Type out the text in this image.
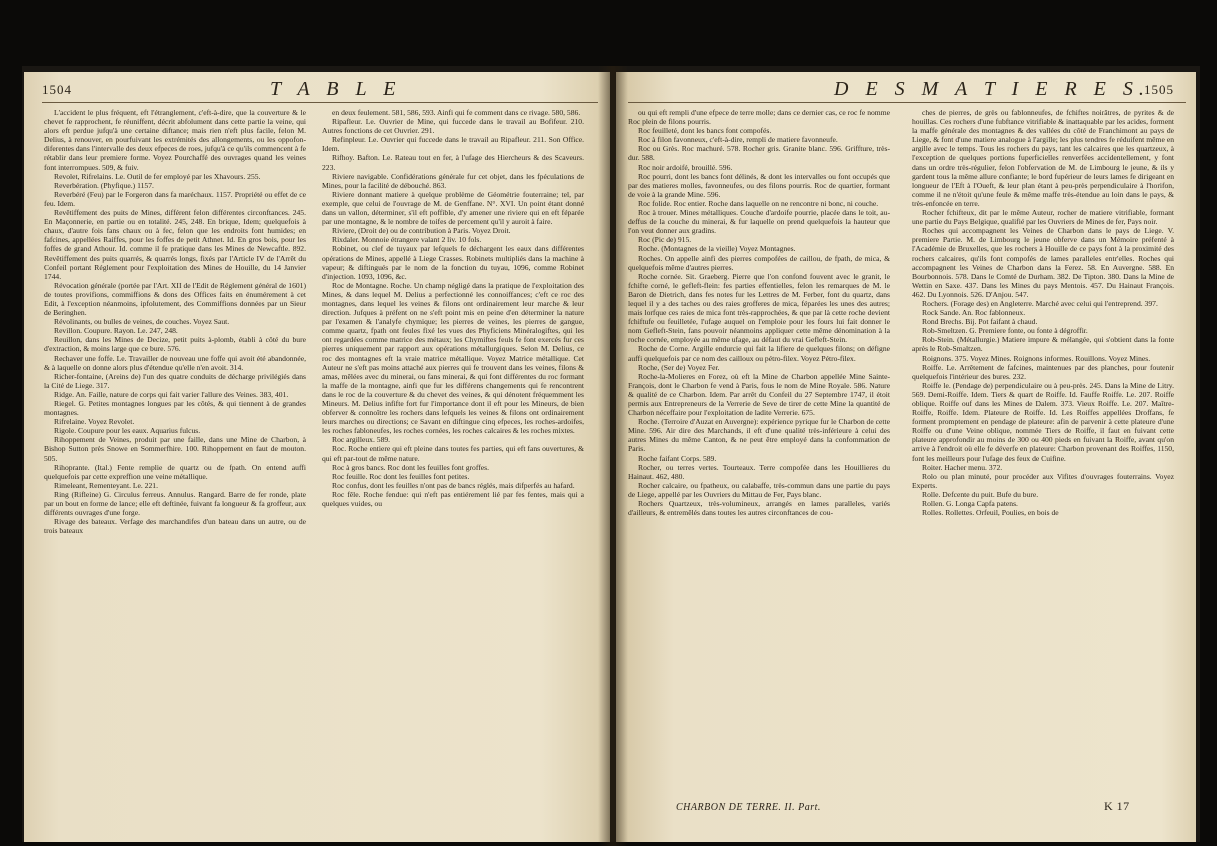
1504	T A B L E

L'accident le plus fréquent, eft l'étranglement, c'eft-à-dire, que la couverture & le chevet fe rapprochent, fe réuniffent, décrit abfolument dans cette partie la veine, qui alors eft perdue jufqu'à une certaine diftance; mais rien n'eft plus facile, felon M. Delius, à renouver, en pourfuivant les extrémités des allongements, ou les oppofon-diferentes dans l'intervalle des deux efpeces de roes, jufqu'à ce qu'ils commencent à fe rétablir dans leur premiere forme. Voyez Pourchaffé des ouvrages quand les veines font interrompues. 509, & fuiv.

Revolet, Rifrelains. Le. Outil de fer employé par les Xhavours. 255.

Reverbération. (Phyfique.) 1157.

Reverbéré (Feu) par le Forgeron dans fa maréchaux. 1157. Propriété ou effet de ce feu. Idem.

Revêtiffement des puits de Mines, différent felon différentes circonftances. 245. En Maçonnerie, en partie ou en totalité. 245, 248. En brique, Idem; quelquefois à chaux, d'autre fois fans chaux ou à fec, felon que les endroits font humides; en fafcines, appellées Raiffes, pour les foffes de petit Athnet. Id. En gros bois, pour les foffes de grand Athour. Id. comme il fe pratique dans les Mines de Newcaftle. 892. Revêtiffement des puits quarrés, & quarrés longs, fixés par l'Article IV de l'Arrêt du Confeil portant Réglement pour l'exploitation des Mines de Houille, du 14 Janvier 1744.

Révocation générale (portée par l'Art. XII de l'Edit de Réglement général de 1601) de toutes provifions, commiffions & dons des Offices faits en énumérement à cet Edit, à l'exception néanmoins, ipfolutement, des Commiffions données par un Sieur de Beringhen.

Révolinants, ou bulles de veines, de couches. Voyez Saut.

Revillon. Coupure. Rayon. Le. 247, 248.

Reuillon, dans les Mines de Decize, petit puits à-plomb, établi à côté du bure d'extraction, & moins large que ce bure. 576.

Rechaver une foffe. Le. Travailler de nouveau une foffe qui avoit été abandonnée, & à laquelle on donne alors plus d'étendue qu'elle n'en avoit. 314.

Richer-fontaine, (Areins de) l'un des quatre conduits de décharge privilégiés dans la Cité de Liege. 317.

Ridge. An. Faille, nature de corps qui fait varier l'allure des Veines. 383, 401.

Riegel. G. Petites montagnes longues par les côtés, & qui tiennent à de grandes montagnes.

Rifrelaine. Voyez Revolet.

Rigole. Coupure pour les eaux. Aquarius fulcus.

Rihoppement de Veines, produit par une faille, dans une Mine de Charbon, à Bishop Sutton près Snowe en Sommerfhire. 100. Rihoppement en faut de mouton. 505.

Rihoprante. (Ital.) Fente remplie de quartz ou de fpath. On entend auffi quelquefois par cette expreffion une veine métallique.

Rimeleant, Rementeyant. Le. 221.

Ring (Rifleine) G. Circulus ferreus. Annulus. Rangard. Barre de fer ronde, plate par un bout en forme de lance; elle eft deftinée, fuivant fa longueur & fa groffeur, aux différents ouvrages d'une forge.

Rivage des bateaux. Verfage des marchandifes d'un bateau dans un autre, ou de trois bateaux

en deux feulement. 581, 586, 593. Ainfi qui fe comment dans ce rivage. 580, 586.

Ripafleur. Le. Ouvrier de Mine, qui fuccede dans le travail au Bofifeur. 210. Autres fonctions de cet Ouvrier. 291.

Refinpleur. Le. Ouvrier qui fuccede dans le travail au Ripafleur. 211. Son Office. Idem.

Rifhoy. Bafton. Le. Rateau tout en fer, à l'ufage des Hiercheurs & des Scaveurs. 223.

Riviere navigable. Confidérations générale fur cet objet, dans les fpéculations de Mines, pour la facilité de débouché. 863.

Riviere donnant matiere à quelque problème de Géométrie fouterraine; tel, par exemple, que celui de l'ouvrage de M. de Genffane. N°. XVI. Un point étant donné dans un vallon, déterminer, s'il eft poffible, d'y amener une riviere qui en eft féparée par une montagne, & le nombre de toifes de percement qu'il y auroit à faire.

Riviere, (Droit de) ou de contribution à Paris. Voyez Droit.

Rixdaler. Monnoie étrangere valant 2 liv. 10 fols.

Robinet, ou clef de tuyaux par lefquels fe déchargent les eaux dans différentes opérations de Mines, appellé à Liege Crasses. Robinets multipliés dans la machine à vapeur; & diftingués par le nom de la fonction du tuyau, 1096, comme Robinet d'injection. 1093, 1096, &c.

Roc de Montagne. Roche. Un champ négligé dans la pratique de l'exploitation des Mines, & dans lequel M. Delius a perfectionné les connoiffances; c'eft ce roc des montagnes, dans lequel les veines & filons ont ordinairement leur marche & leur direction. Jufques à préfent on ne s'eft point mis en peine d'en déterminer la nature par l'examen & l'analyfe chymique; les pierres de veines, les pierres de gangue, comme quartz, fpath ont feules fixé les vues des Phyficiens Minéralogiftes, qui les ont regardées comme matrice des métaux; les Chymiftes feuls fe font exercés fur ces pierres uniquement par rapport aux opérations métallurgiques. Selon M. Delius, ce roc des montagnes eft la vraie matrice métallique. Voyez Matrice métallique. Cet Auteur ne s'eft pas moins attaché aux pierres qui fe trouvent dans les veines, filons & amas, mêlées avec du minerai, ou fans minerai, & qui font différentes du roc formant la maffe de la montagne, ainfi que fur les différens changements qui fe rencontrent dans le roc de la couverture & du chevet des veines, & qui dénotent fréquemment les Mineurs. M. Delius infifte fort fur l'importance dont il eft pour les Mineurs, de bien obferver & connoître les rochers dans lefquels les veines & filons ont ordinairement leurs marches ou directions; ce Savant en diftingue cinq efpeces, les roches-ardoifes, les roches fabloneufes, les roches cornées, les roches calcaires & les roches mixtes.

Roc argilleux. 589.

Roc. Roche entiere qui eft pleine dans toutes fes parties, qui eft fans ouvertures, & qui eft par-tout de même nature.

Roc à gros bancs. Roc dont les feuilles font groffes.

Roc feuille. Roc dont les feuilles font petites.

Roc confus, dont les feuilles n'ont pas de bancs réglés, mais difperfés au hafard.

Roc fêle. Roche fendue: qui n'eft pas entiérement lié par fes fentes, mais qui a quelques vuides, ou

D E S M A T I E R E S.
1505

ou qui eft rempli d'une efpece de terre molle; dans ce dernier cas, ce roc fe nomme Roc plein de filons pourris.

Roc feuilleté, dont les bancs font compofés.

Roc à filon favonneux, c'eft-à-dire, rempli de matiere favonneufe.

Roc ou Grès. Roc machuré. 578. Rocher gris. Granite blanc. 596. Griffture, très-dur. 588.

Roc noir ardoifé, brouillé. 596.

Roc pourri, dont les bancs font délinés, & dont les intervalles ou font occupés que par des matieres molles, favonneufes, ou des filons pourris. Roc de quartier, formant de voie à la grande Mine. 596.

Roc folide. Roc entier. Roche dans laquelle on ne rencontre ni bonc, ni couche.

Roc à trouer. Mines métalliques. Couche d'ardoife pourrie, placée dans le toit, au-deffus de la couche du minerai, & fur laquelle on prend quelquefois la hauteur que l'on veut donner aux gradins.

Roc (Pic de) 915.

Roche. (Montagnes de la vieille) Voyez Montagnes.

Roches. On appelle ainfi des pierres compofées de caillou, de fpath, de mica, & quelquefois même d'autres pierres.

Roche cornée. Sit. Graeberg. Pierre que l'on confond fouvent avec le granit, le fchifte corné, le gefleft-flein: fes parties effentielles, felon les remarques de M. le Baron de Dietrich, dans fes notes fur les Lettres de M. Ferber, font du quartz, dans lequel il y a des taches ou des raies grofferes de mica, féparées les unes des autres; mais lorfque ces raies de mica font très-rapprochées, & que par là cette roche devient fchiftufe ou feuilletée, l'ufage auquel on l'emploie pour les fours lui fait donner le nom Gefleft-Stein, fans pouvoir néanmoins appliquer cette même dénomination à la roche cornée, employée au même ufage, au défaut du vrai Gefleft-Stein.

Roche de Corne. Argille endurcie qui fait la lifiere de quelques filons; on défigne auffi quelquefois par ce nom des cailloux ou pétro-filex. Voyez Pétro-filex.

Roche, (Ser de) Voyez Fer.

Roche-la-Molieres en Forez, où eft la Mine de Charbon appellée Mine Sainte-François, dont le Charbon fe vend à Paris, fous le nom de Mine Royale. 586. Nature & qualité de ce Charbon. Idem. Par arrêt du Confeil du 27 Septembre 1747, il étoit permis aux Entrepreneurs de la Verrerie de Seve de tirer de cette Mine la quantité de Charbon néceffaire pour l'exploitation de ladite Verrerie. 675.

Roche. (Terroire d'Auzat en Auvergne): expérience pyrique fur le Charbon de cette Mine. 596. Air dire des Marchands, il eft d'une qualité très-inférieure à celui des autres Mines du même Canton, & ne peut être employé dans la confommation de Paris.

Roche faifant Corps. 589.

Rocher, ou terres vertes. Tourteaux. Terre compofée dans les Houillieres du Hainaut. 462, 480.

Rocher calcaire, ou fpatheux, ou calabaffe, très-commun dans une partie du pays de Liege, appellé par les Ouvriers du Mittau de Fer, Pays blanc.

Rochers Quartzeux, très-volumineux, arrangés en lames paralleles, variés d'ailleurs, & entremêlés dans toutes les autres circonftances de cou-

ches de pierres, de grès ou fablonneufes, de fchiftes noirâtres, de pyrites & de houillas. Ces rochers d'une fubftance vitrifiable & inattaquable par les acides, forment la maffe générale des montagnes & des vallées du côté de Franchimont au pays de Liege, & font d'une matiere analogue à l'argille; les plus tendres fe réduifent même en argille avec le temps. Tous les rochers du pays, tant les calcaires que les quartzeux, à l'exception de quelques portions fuperficielles renverfées accidentellement, y font dans un ordre très-régulier, felon l'obfervation de M. de Limbourg le jeune, & ils y gardent tous la même allure confiante; le bord fupérieur de leurs lames fe dirigeant en longueur de l'Eft à l'Oueft, & leur plan étant à peu-près perpendiculaire à l'horifon, comme il ne n'étoit qu'une feule & même maffe très-étendue au loin dans le pays, & très-enfoncée en terre.

Rocher fchifteux, dit par le même Auteur, rocher de matiere vitrifiable, formant une partie du Pays Belgique, qualifié par les Ouvriers de Mines de fer, Pays noir.

Roches qui accompagnent les Veines de Charbon dans le pays de Liege. V. premiere Partie. M. de Limbourg le jeune obferve dans un Mémoire préfenté à l'Académie de Bruxelles, que les rochers à Houille de ce pays font à la proximité des rochers calcaires, qu'ils font compofés de lames paralleles entr'elles. Roches qui accompagnent les Veines de Charbon dans la Ferez. 58. En Auvergne. 588. En Bourbonnois. 578. Dans le Comté de Durham. 382. De Tipton. 380. Dans la Mine de Wettin en Saxe. 437. Dans les Mines du pays Mentois. 457. Du Hainaut François. 462. Du Lyonnois. 526. D'Anjou. 547.

Rochers. (Forage des) en Angleterre. Marché avec celui qui l'entreprend. 397.

Rock Sande. An. Roc fablonneux.

Rond Brechs. Bij. Pot faifant à chaud.

Rob-Smeltzen. G. Premiere fonte, ou fonte à dégroffir.

Rob-Stein. (Métallurgie.) Matiere impure & mélangée, qui s'obtient dans la fonte après le Rob-Smaltzen.

Roignons. 375. Voyez Mines. Roignons informes. Rouillons. Voyez Mines.

Roiffe. Le. Arrêtement de fafcines, maintenues par des planches, pour foutenir quelquefois l'intérieur des bures. 232.

Roiffe le. (Pendage de) perpendiculaire ou à peu-près. 245. Dans la Mine de Litry. 569. Demi-Roiffe. Idem. Tiers & quart de Roiffe. Id. Fauffe Roiffe. Le. 207. Roiffe oblique. Roiffe ouf dans les Mines de Dalem. 373. Vieux Roiffe. Le. 207. Maître-Roiffe, Roiffe. Idem. Plateure de Roiffe. Id. Les Roiffes appellées Droffans, fe forment promptement en pendage de plateure: afin de parvenir à cette plateure d'une Roiffe ou d'une Veine oblique, nommée Tiers de Roiffe, il faut en fuivant cette plateure approfondir au moins de 300 ou 400 pieds en fuivant la Roiffe, avant qu'on arrive à l'endroit où elle fe déverfe en plateure: Charbon provenant des Roiffes, 1150, font les meilleurs pour l'ufage des feux de Cuifine.

Roiter. Hacher menu. 372.

Rolo ou plan minuté, pour procéder aux Vifites d'ouvrages fouterrains. Voyez Experts.

Rolle. Defcente du puit. Bufe du bure.

Rollen. G. Longa Capfa patens.

Rolles. Rollettes. Orfeuil, Poulies, en bois de

CHARBON DE TERRE. II. Part.	K 17
